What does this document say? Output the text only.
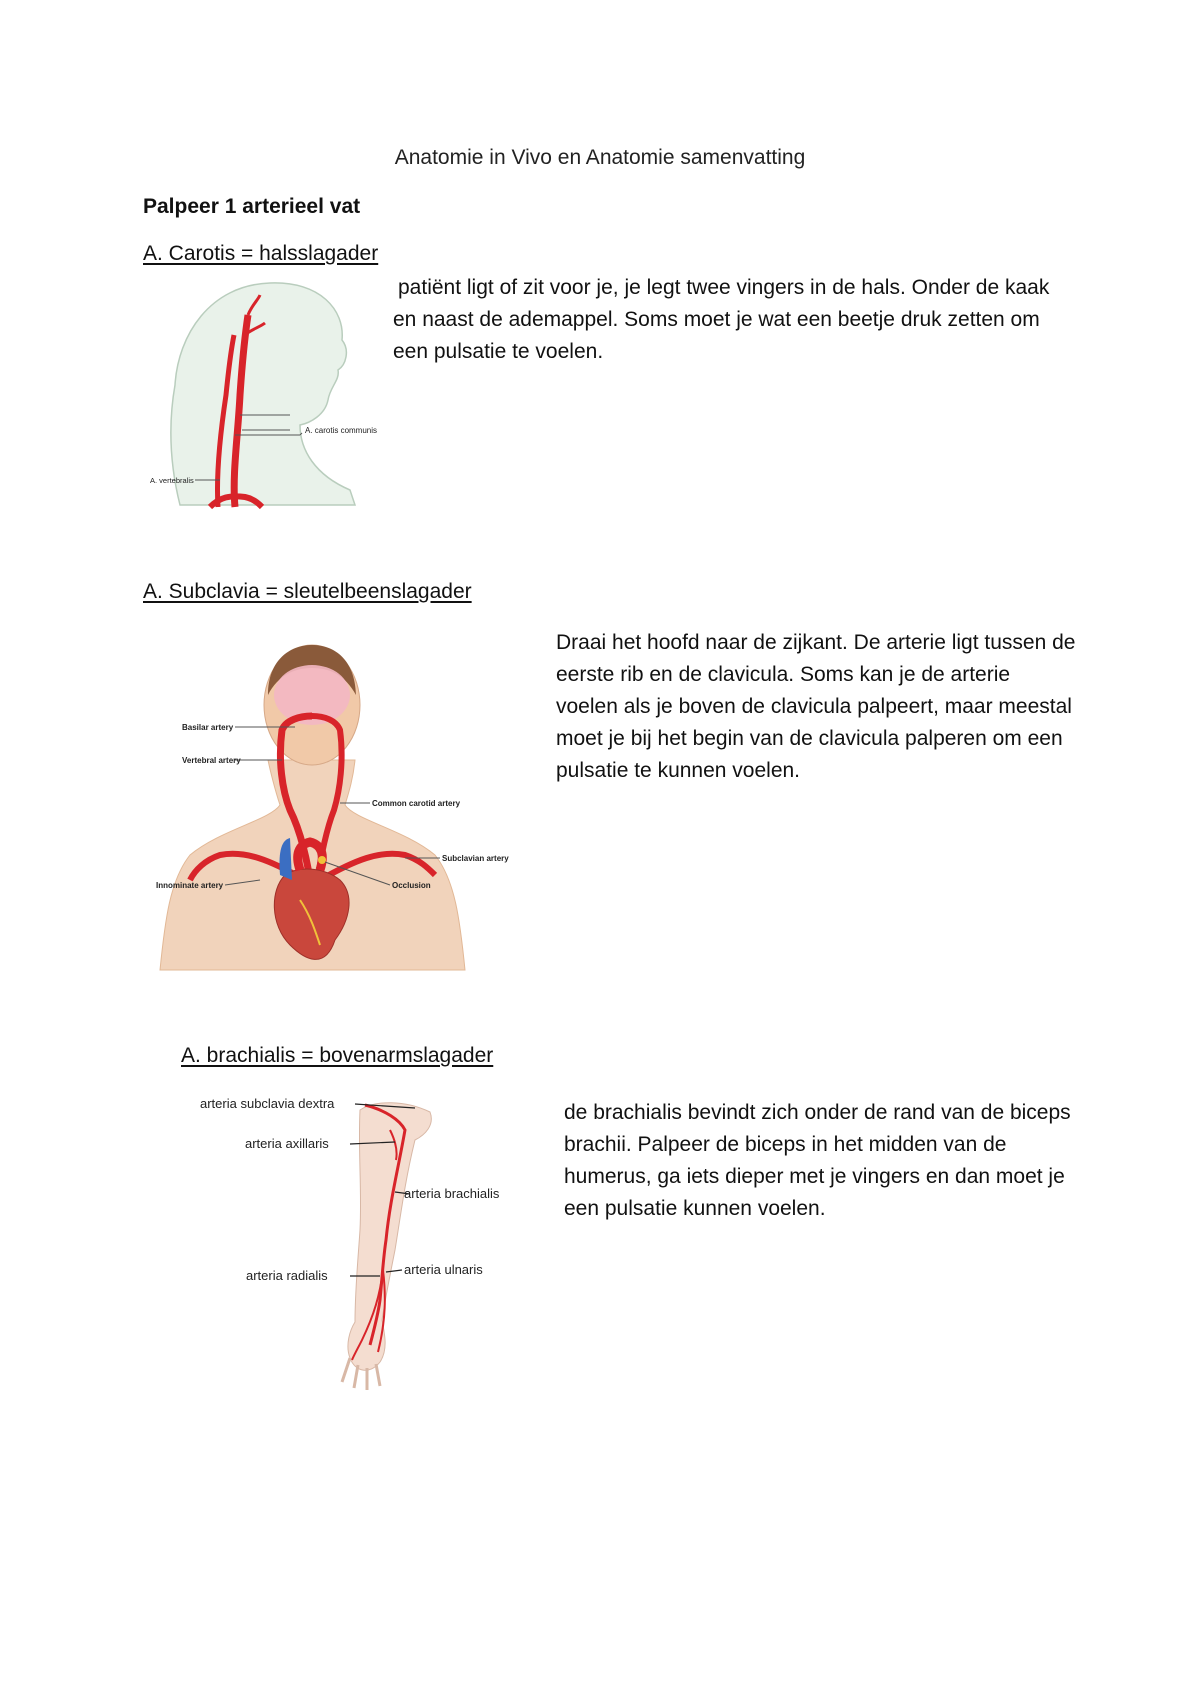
Anatomie in Vivo en Anatomie samenvatting
Palpeer 1 arterieel vat
A. Carotis = halsslagader
patiënt ligt of zit voor je, je legt twee vingers in de hals. Onder de kaak en naast de ademappel. Soms moet je wat een beetje druk zetten om een pulsatie te voelen.
A. carotis communis
A. vertebralis
A. Subclavia = sleutelbeenslagader
Draai het hoofd naar de zijkant. De arterie ligt tussen de eerste rib en de clavicula. Soms kan je de arterie voelen als je boven de clavicula palpeert, maar meestal moet je bij het begin van de clavicula palperen om een pulsatie te kunnen voelen.
Basilar artery
Vertebral artery
Common carotid artery
Subclavian artery
Innominate artery	Occlusion
A. brachialis = bovenarmslagader
de brachialis bevindt zich onder de rand van de biceps brachii. Palpeer de biceps in het midden van de humerus, ga iets dieper met je vingers en dan moet je een pulsatie kunnen voelen.
arteria subclavia dextra
arteria axillaris
arteria brachialis
arteria radialis	arteria ulnaris
